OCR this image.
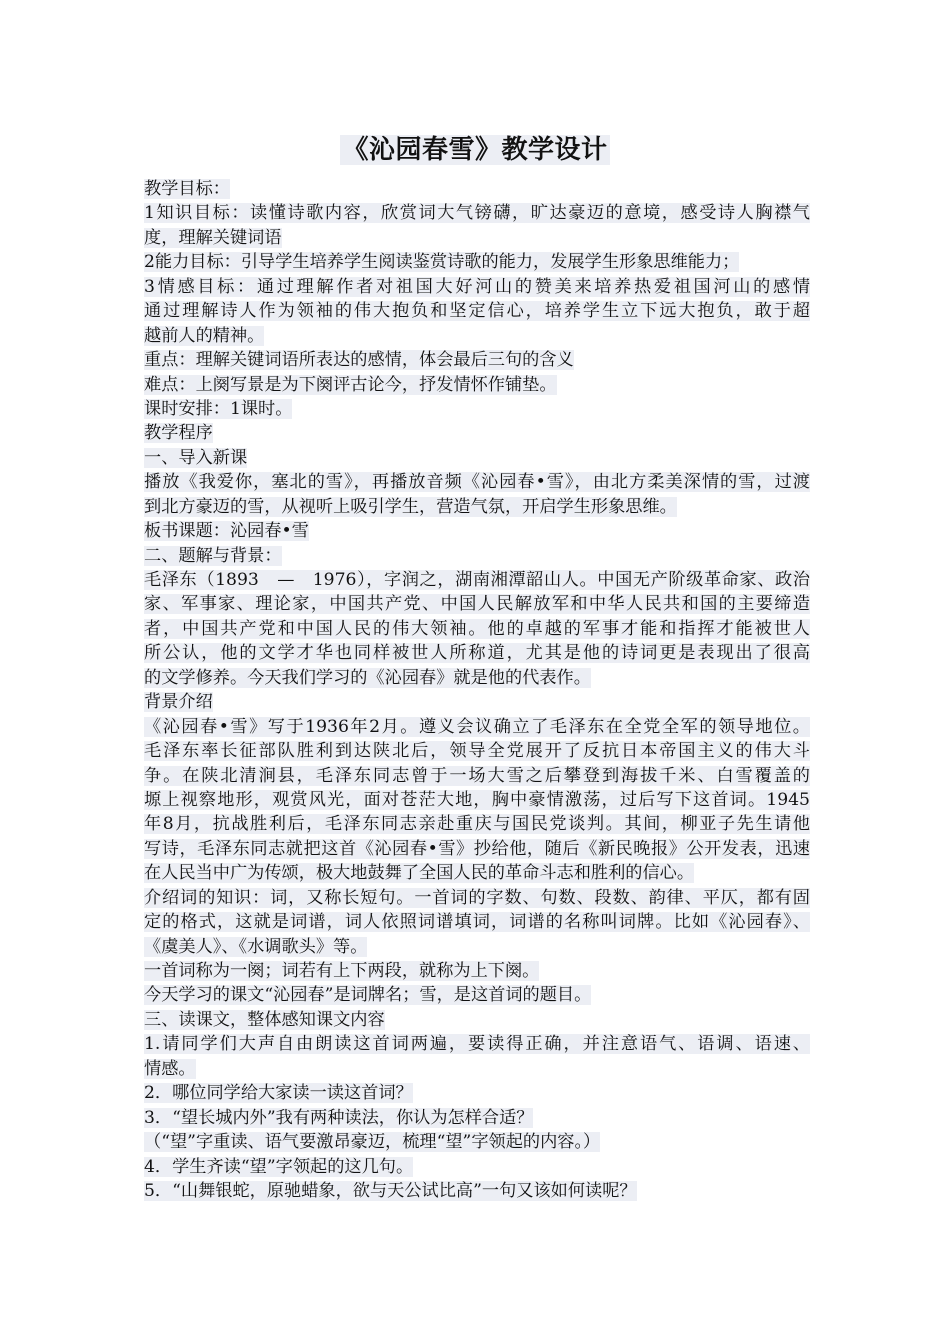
《沁园春雪》教学设计
教学目标：
1知识目标：读懂诗歌内容，欣赏词大气镑礴，旷达豪迈的意境，感受诗人胸襟气
度，理解关键词语
2能力目标：引导学生培养学生阅读鉴赏诗歌的能力，发展学生形象思维能力；
3情感目标：通过理解作者对祖国大好河山的赞美来培养热爱祖国河山的感情
通过理解诗人作为领袖的伟大抱负和坚定信心，培养学生立下远大抱负，敢于超
越前人的精神。
重点：理解关键词语所表达的感情，体会最后三句的含义
难点：上阕写景是为下阕评古论今，抒发情怀作铺垫。
课时安排：1课时。
教学程序
一、导入新课
播放《我爱你，塞北的雪》，再播放音频《沁园春•雪》，由北方柔美深情的雪，过渡
到北方豪迈的雪，从视听上吸引学生，营造气氛，开启学生形象思维。
板书课题：沁园春•雪
二、题解与背景：
毛泽东（1893　—　1976），字润之，湖南湘潭韶山人。中国无产阶级革命家、政治
家、军事家、理论家，中国共产党、中国人民解放军和中华人民共和国的主要缔造
者，中国共产党和中国人民的伟大领袖。他的卓越的军事才能和指挥才能被世人
所公认，他的文学才华也同样被世人所称道，尤其是他的诗词更是表现出了很高
的文学修养。今天我们学习的《沁园春》就是他的代表作。
背景介绍
《沁园春•雪》写于1936年2月。遵义会议确立了毛泽东在全党全军的领导地位。
毛泽东率长征部队胜利到达陕北后，领导全党展开了反抗日本帝国主义的伟大斗
争。在陕北清涧县，毛泽东同志曾于一场大雪之后攀登到海拔千米、白雪覆盖的
塬上视察地形，观赏风光，面对苍茫大地，胸中豪情激荡，过后写下这首词。1945
年8月，抗战胜利后，毛泽东同志亲赴重庆与国民党谈判。其间，柳亚子先生请他
写诗，毛泽东同志就把这首《沁园春•雪》抄给他，随后《新民晚报》公开发表，迅速
在人民当中广为传颂，极大地鼓舞了全国人民的革命斗志和胜利的信心。
介绍词的知识：词，又称长短句。一首词的字数、句数、段数、韵律、平仄，都有固
定的格式，这就是词谱，词人依照词谱填词，词谱的名称叫词牌。比如《沁园春》、
《虞美人》、《水调歌头》等。
一首词称为一阕；词若有上下两段，就称为上下阕。
今天学习的课文“沁园春”是词牌名；雪，是这首词的题目。
三、读课文，整体感知课文内容
1.请同学们大声自由朗读这首词两遍，要读得正确，并注意语气、语调、语速、
情感。
2．哪位同学给大家读一读这首词？
3．“望长城内外”我有两种读法，你认为怎样合适？
（“望”字重读、语气要激昂豪迈，梳理“望”字领起的内容。）
4．学生齐读“望”字领起的这几句。
5．“山舞银蛇，原驰蜡象，欲与天公试比高”一句又该如何读呢？
